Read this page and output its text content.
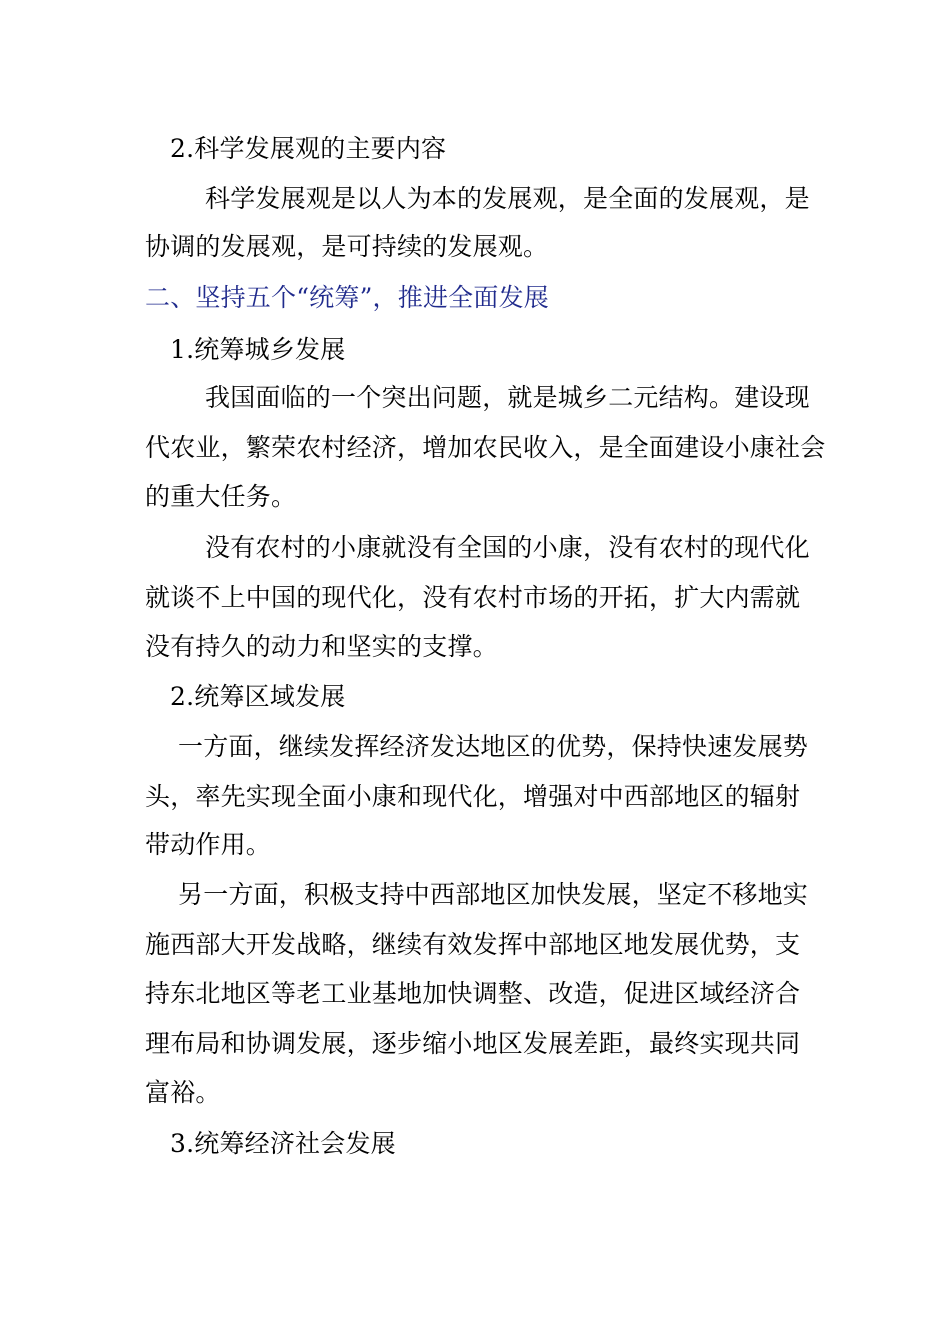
2.科学发展观的主要内容
科学发展观是以人为本的发展观，是全面的发展观，是
协调的发展观，是可持续的发展观。
二、坚持五个“统筹”，推进全面发展
1.统筹城乡发展
我国面临的一个突出问题，就是城乡二元结构。建设现
代农业，繁荣农村经济，增加农民收入，是全面建设小康社会
的重大任务。
没有农村的小康就没有全国的小康，没有农村的现代化
就谈不上中国的现代化，没有农村市场的开拓，扩大内需就
没有持久的动力和坚实的支撑。
2.统筹区域发展
一方面，继续发挥经济发达地区的优势，保持快速发展势
头，率先实现全面小康和现代化，增强对中西部地区的辐射
带动作用。
另一方面，积极支持中西部地区加快发展，坚定不移地实
施西部大开发战略，继续有效发挥中部地区地发展优势，支
持东北地区等老工业基地加快调整、改造，促进区域经济合
理布局和协调发展，逐步缩小地区发展差距，最终实现共同
富裕。
3.统筹经济社会发展
